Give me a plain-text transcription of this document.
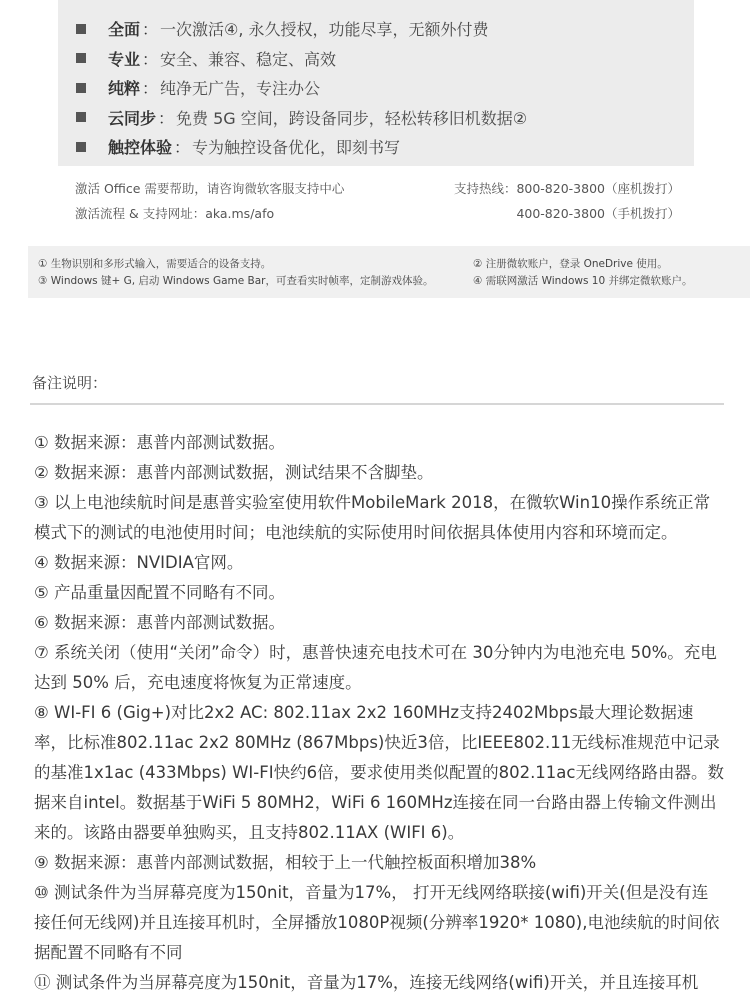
全面 ： 一次激活④, 永久授权，功能尽享，无额外付费
专业 ： 安全、兼容、稳定、高效
纯粹 ： 纯净无广告，专注办公
云同步 ： 免费 5G 空间，跨设备同步，轻松转移旧机数据②
触控体验 ： 专为触控设备优化，即刻书写
激活 Office 需要帮助，请咨询微软客服支持中心	支持热线：800-820-3800（座机拨打）
激活流程 & 支持网址：aka.ms/afo	400-820-3800（手机拨打）
① 生物识别和多形式输入，需要适合的设备支持。	② 注册微软账户，登录 OneDrive 使用。
③ Windows 键+ G, 启动 Windows Game Bar，可查看实时帧率，定制游戏体验。	④ 需联网激活 Windows 10 并绑定微软账户。
备注说明：

① 数据来源：惠普内部测试数据。

② 数据来源：惠普内部测试数据，测试结果不含脚垫。

③ 以上电池续航时间是惠普实验室使用软件MobileMark 2018，在微软Win10操作系统正常模式下的测试的电池使用时间；电池续航的实际使用时间依据具体使用内容和环境而定。

④ 数据来源：NVIDIA官网。

⑤ 产品重量因配置不同略有不同。

⑥ 数据来源：惠普内部测试数据。

⑦ 系统关闭（使用“关闭”命令）时，惠普快速充电技术可在 30分钟内为电池充电 50%。充电达到 50% 后，充电速度将恢复为正常速度。

⑧ WI-FI 6 (Gig+)对比2x2 AC: 802.11ax 2x2 160MHz支持2402Mbps最大理论数据速率，比标准802.11ac 2x2 80MHz (867Mbps)快近3倍，比IEEE802.11无线标准规范中记录的基准1x1ac (433Mbps) WI-FI快约6倍，要求使用类似配置的802.11ac无线网络路由器。数据来自intel。数据基于WiFi 5 80MH2，WiFi 6 160MHz连接在同一台路由器上传输文件测出来的。该路由器要单独购买，且支持802.11AX (WIFI 6)。

⑨ 数据来源：惠普内部测试数据，相较于上一代触控板面积增加38%

⑩ 测试条件为当屏幕亮度为150nit，音量为17%， 打开无线网络联接(wifi)开关(但是没有连接任何无线网)并且连接耳机时，全屏播放1080P视频(分辨率1920* 1080),电池续航的时间依据配置不同略有不同

⑪ 测试条件为当屏幕亮度为150nit，音量为17%，连接无线网络(wifi)开关，并且连接耳机
